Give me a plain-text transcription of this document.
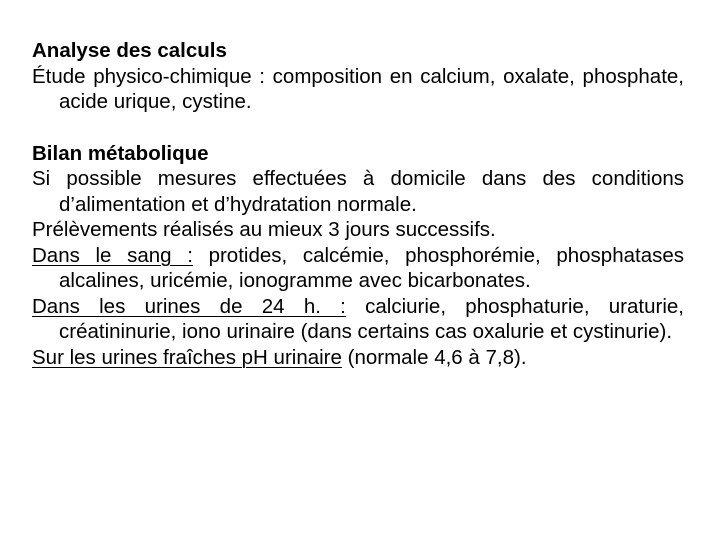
Analyse des calculs
Étude physico-chimique : composition en calcium, oxalate, phosphate, acide urique, cystine.
Bilan métabolique
Si possible mesures effectuées à domicile dans des conditions d’alimentation et d’hydratation normale.
Prélèvements réalisés au mieux 3 jours successifs.
Dans le sang : protides, calcémie, phosphorémie, phosphatases alcalines, uricémie, ionogramme avec bicarbonates.
Dans les urines de 24 h. : calciurie, phosphaturie, uraturie, créatininurie, iono urinaire (dans certains cas oxalurie et cystinurie).
Sur les urines fraîches pH urinaire (normale 4,6 à 7,8).
